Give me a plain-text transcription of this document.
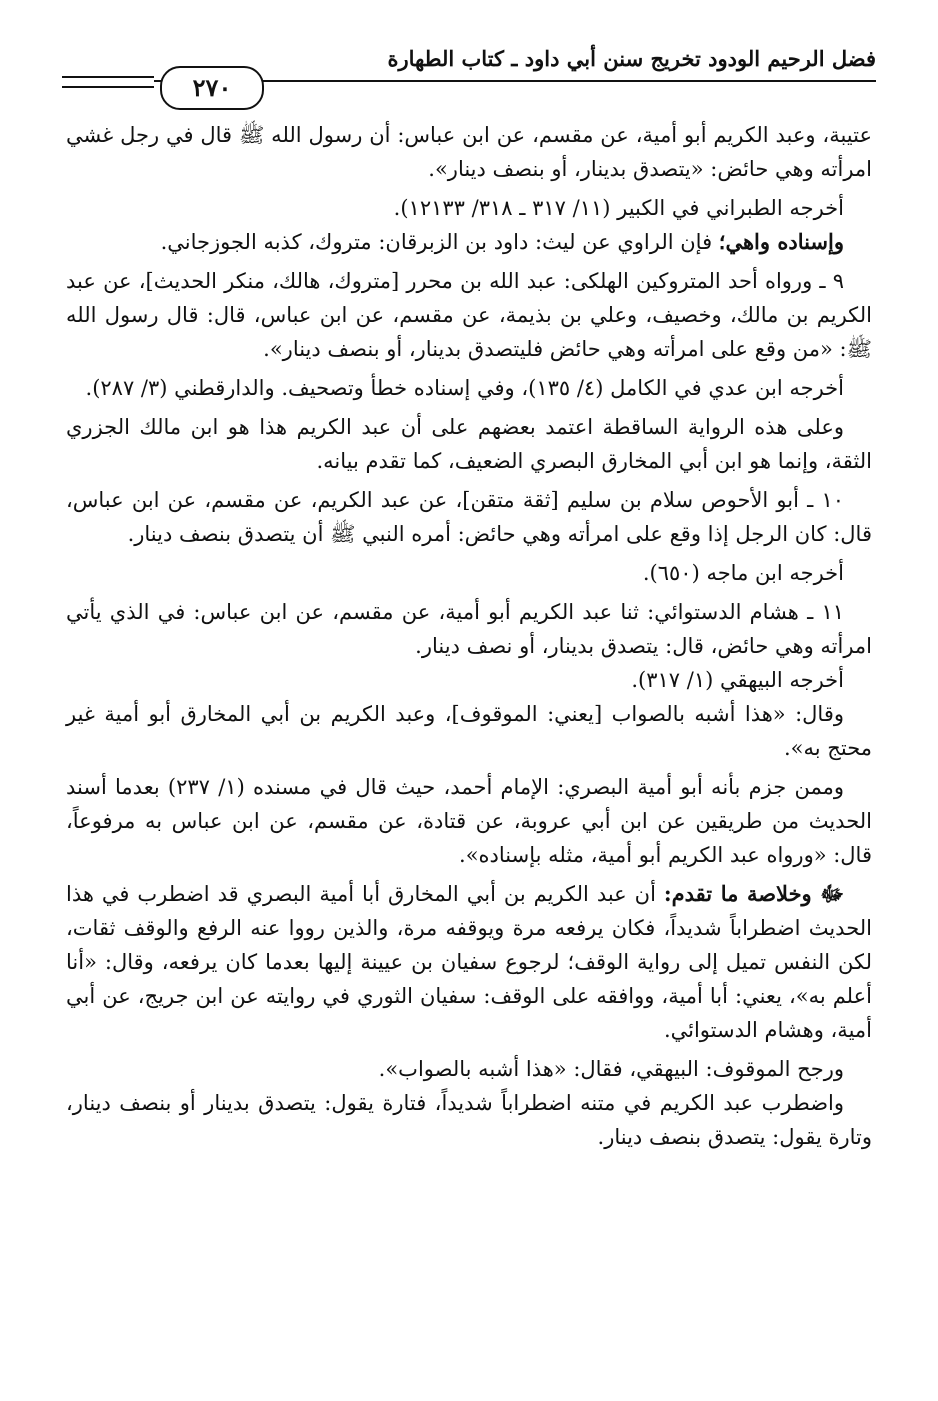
فضل الرحيم الودود تخريج سنن أبي داود ـ كتاب الطهارة
٢٧٠

عتيبة، وعبد الكريم أبو أمية، عن مقسم، عن ابن عباس: أن رسول الله ﷺ قال في رجل غشي امرأته وهي حائض: «يتصدق بدينار، أو بنصف دينار».

أخرجه الطبراني في الكبير (١١/ ٣١٧ ـ ٣١٨/ ١٢١٣٣).

وإسناده واهي؛ فإن الراوي عن ليث: داود بن الزبرقان: متروك، كذبه الجوزجاني.

٩ ـ ورواه أحد المتروكين الهلكى: عبد الله بن محرر [متروك، هالك، منكر الحديث]، عن عبد الكريم بن مالك، وخصيف، وعلي بن بذيمة، عن مقسم، عن ابن عباس، قال: قال رسول الله ﷺ: «من وقع على امرأته وهي حائض فليتصدق بدينار، أو بنصف دينار».

أخرجه ابن عدي في الكامل (٤/ ١٣٥)، وفي إسناده خطأ وتصحيف. والدارقطني (٣/ ٢٨٧).

وعلى هذه الرواية الساقطة اعتمد بعضهم على أن عبد الكريم هذا هو ابن مالك الجزري الثقة، وإنما هو ابن أبي المخارق البصري الضعيف، كما تقدم بيانه.

١٠ ـ أبو الأحوص سلام بن سليم [ثقة متقن]، عن عبد الكريم، عن مقسم، عن ابن عباس، قال: كان الرجل إذا وقع على امرأته وهي حائض: أمره النبي ﷺ أن يتصدق بنصف دينار.

أخرجه ابن ماجه (٦٥٠).

١١ ـ هشام الدستوائي: ثنا عبد الكريم أبو أمية، عن مقسم، عن ابن عباس: في الذي يأتي امرأته وهي حائض، قال: يتصدق بدينار، أو نصف دينار.

أخرجه البيهقي (١/ ٣١٧).

وقال: «هذا أشبه بالصواب [يعني: الموقوف]، وعبد الكريم بن أبي المخارق أبو أمية غير محتج به».

وممن جزم بأنه أبو أمية البصري: الإمام أحمد، حيث قال في مسنده (١/ ٢٣٧) بعدما أسند الحديث من طريقين عن ابن أبي عروبة، عن قتادة، عن مقسم، عن ابن عباس به مرفوعاً، قال: «ورواه عبد الكريم أبو أمية، مثله بإسناده».

ﷻ وخلاصة ما تقدم: أن عبد الكريم بن أبي المخارق أبا أمية البصري قد اضطرب في هذا الحديث اضطراباً شديداً، فكان يرفعه مرة ويوقفه مرة، والذين رووا عنه الرفع والوقف ثقات، لكن النفس تميل إلى رواية الوقف؛ لرجوع سفيان بن عيينة إليها بعدما كان يرفعه، وقال: «أنا أعلم به»، يعني: أبا أمية، ووافقه على الوقف: سفيان الثوري في روايته عن ابن جريج، عن أبي أمية، وهشام الدستوائي.

ورجح الموقوف: البيهقي، فقال: «هذا أشبه بالصواب».

واضطرب عبد الكريم في متنه اضطراباً شديداً، فتارة يقول: يتصدق بدينار أو بنصف دينار، وتارة يقول: يتصدق بنصف دينار.
